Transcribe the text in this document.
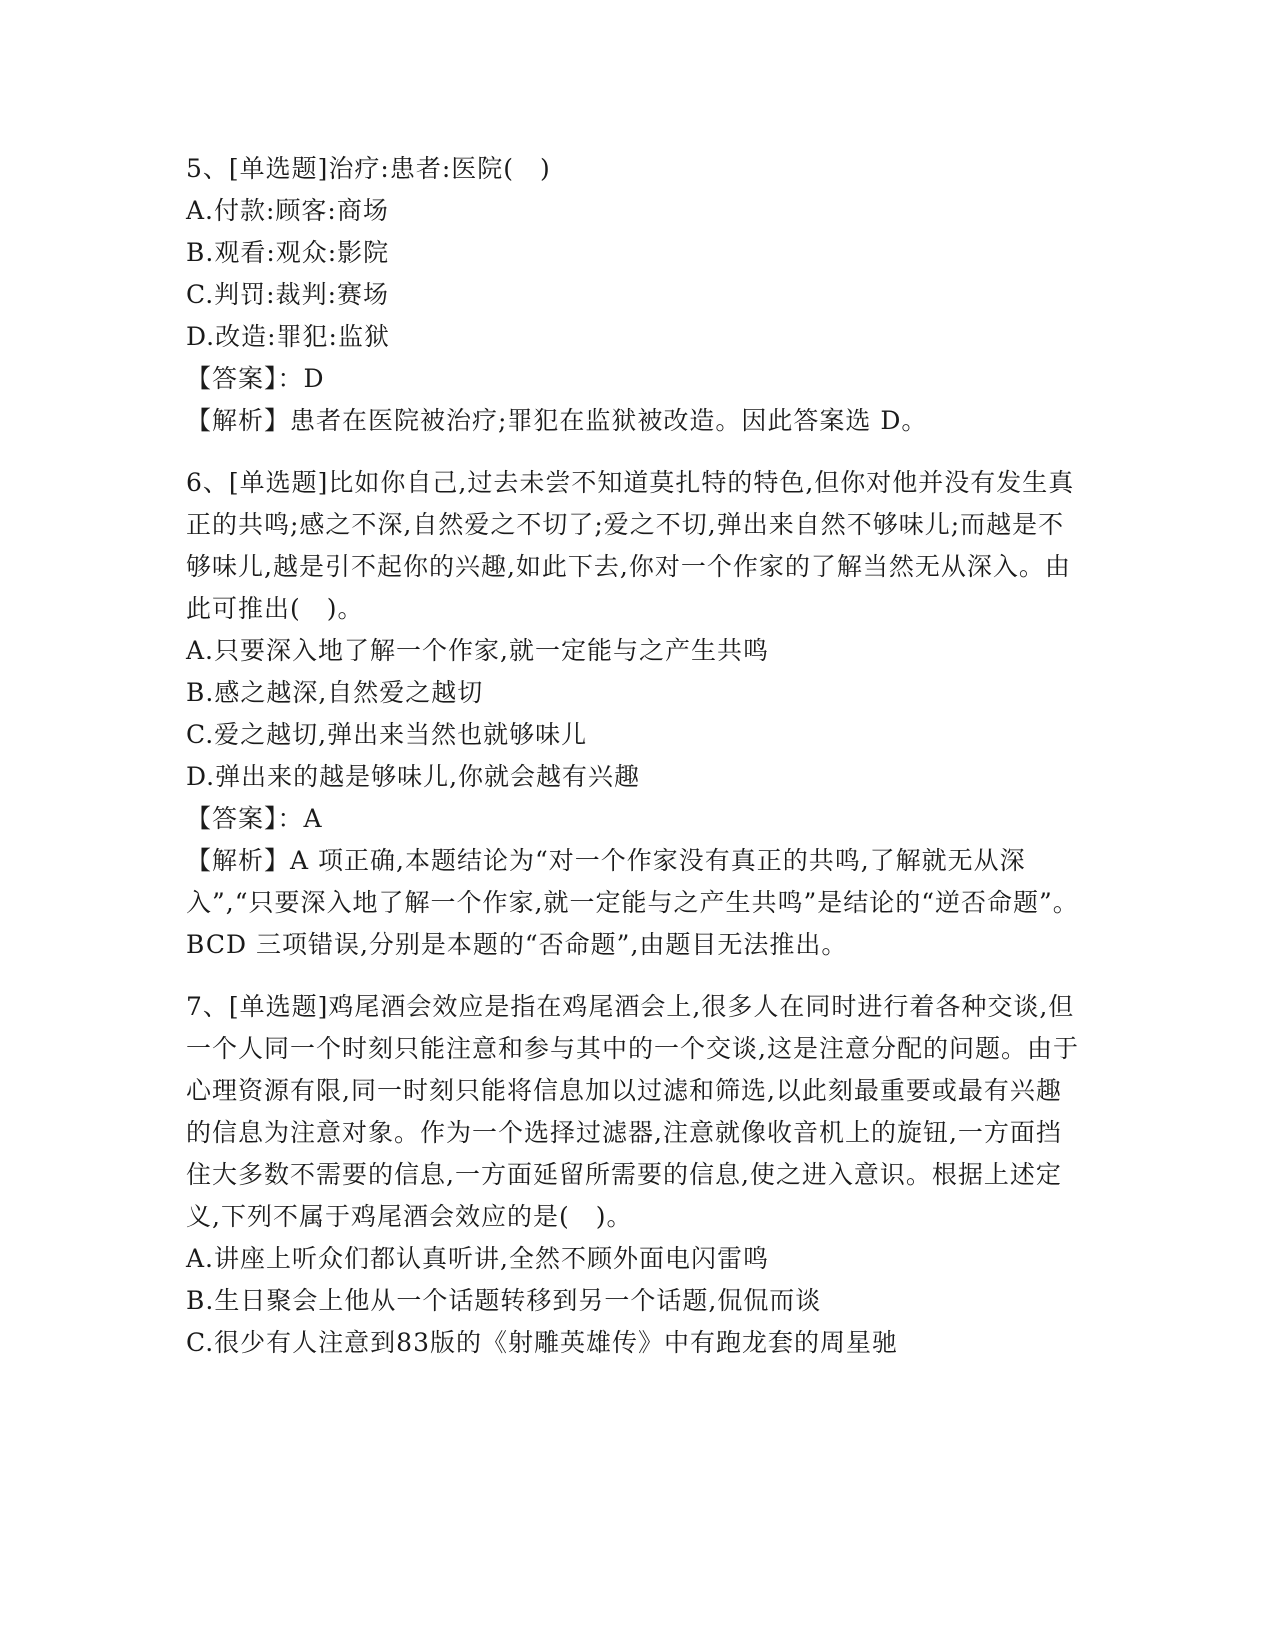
5、[单选题]治疗:患者:医院(　)
A.付款:顾客:商场
B.观看:观众:影院
C.判罚:裁判:赛场
D.改造:罪犯:监狱
【答案】：D
【解析】患者在医院被治疗;罪犯在监狱被改造。因此答案选 D。
6、[单选题]比如你自己,过去未尝不知道莫扎特的特色,但你对他并没有发生真正的共鸣;感之不深,自然爱之不切了;爱之不切,弹出来自然不够味儿;而越是不够味儿,越是引不起你的兴趣,如此下去,你对一个作家的了解当然无从深入。由此可推出(　)。
A.只要深入地了解一个作家,就一定能与之产生共鸣
B.感之越深,自然爱之越切
C.爱之越切,弹出来当然也就够味儿
D.弹出来的越是够味儿,你就会越有兴趣
【答案】：A
【解析】A 项正确,本题结论为“对一个作家没有真正的共鸣,了解就无从深入”,“只要深入地了解一个作家,就一定能与之产生共鸣”是结论的“逆否命题”。BCD 三项错误,分别是本题的“否命题”,由题目无法推出。
7、[单选题]鸡尾酒会效应是指在鸡尾酒会上,很多人在同时进行着各种交谈,但一个人同一个时刻只能注意和参与其中的一个交谈,这是注意分配的问题。由于心理资源有限,同一时刻只能将信息加以过滤和筛选,以此刻最重要或最有兴趣的信息为注意对象。作为一个选择过滤器,注意就像收音机上的旋钮,一方面挡住大多数不需要的信息,一方面延留所需要的信息,使之进入意识。根据上述定义,下列不属于鸡尾酒会效应的是(　)。
A.讲座上听众们都认真听讲,全然不顾外面电闪雷鸣
B.生日聚会上他从一个话题转移到另一个话题,侃侃而谈
C.很少有人注意到83版的《射雕英雄传》中有跑龙套的周星驰
